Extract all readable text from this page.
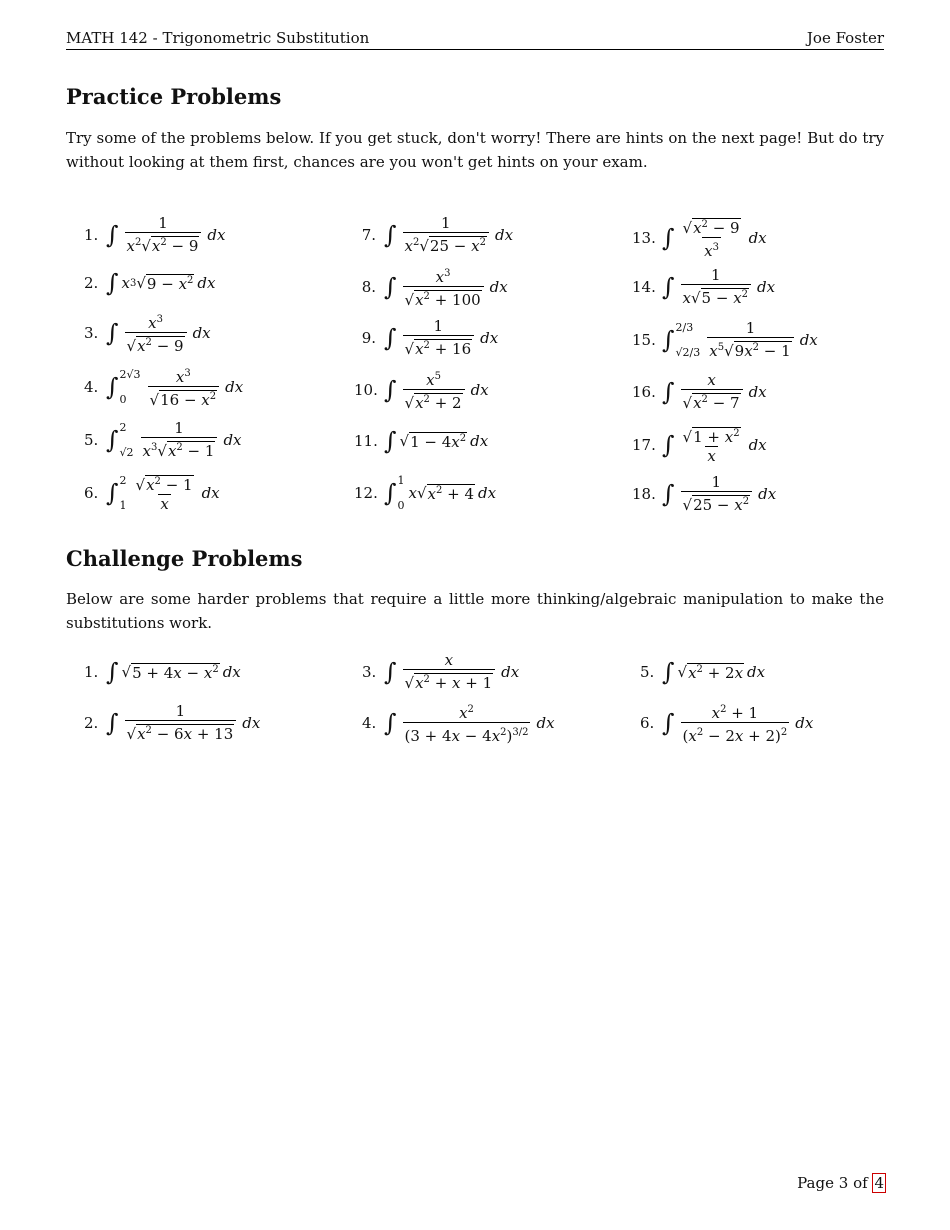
MATH 142 - Trigonometric Substitution	Joe Foster
Practice Problems

Try some of the problems below. If you get stuck, don't worry! There are hints on the next page! But do try without looking at them first, chances are you won't get hints on your exam.

1. ∫ $\frac{1}{x^2 √ x^2 - 9}$ dx
2. ∫ x 3 √ $9 - x^2$ dx
3. ∫ $x^3$
√ $x^2 - 9$ dx
4. ∫ 2√3
0	$x^3$
√ $16 - x^2$ dx
5. ∫ 2
$√2 \frac{1}{x^3 √ x^2 - 1}$ dx
6. ∫ 2
1 √ $\frac{x^2 - 1}{x}$ dx
7. ∫ $\frac{1}{x^2 √ 25 - x^2}$ dx
8. ∫ $x^3$
√ $x^2 + 100$ dx
9. ∫ 1
√ $x^2 + 16$ dx
10. ∫ $x^5$
√ $x^2 + 2$ dx
11. ∫ √ $1 - 4x^2$ dx
12. ∫ 1
0
x √ $x^2 + 4$ dx
13. ∫ √ $\frac{x^2 - 9}{x^3}$ dx
14. ∫ $\frac{1}{x √ 5 - x^2}$ dx
15. ∫ 2/3
$√2/3 \frac{1}{x^5 √ 9x^2 - 1}$ dx
16. ∫ x
√ $x^2 - 7$ dx
17. ∫ √ $\frac{1 + x^2}{x}$ dx
18. ∫ 1
√ $25 - x^2$ dx
Challenge Problems

Below are some harder problems that require a little more thinking/algebraic manipulation to make the substitutions work.

1. ∫ √ $5 + 4x - x^2$ dx
2. ∫ 1
√ $x^2 - 6x + 13$ dx
3. ∫ x
√ $x^2 + x + 1$ dx
4. ∫ $\frac{x^2}{(3 + 4x - 4x^2)^{3/2}}$ dx
5. ∫ √ $x^2 + 2x$ dx
6. ∫ $\frac{x^2 + 1}{(x^2 - 2x + 2)^2}$ dx
Page 3 of 4
